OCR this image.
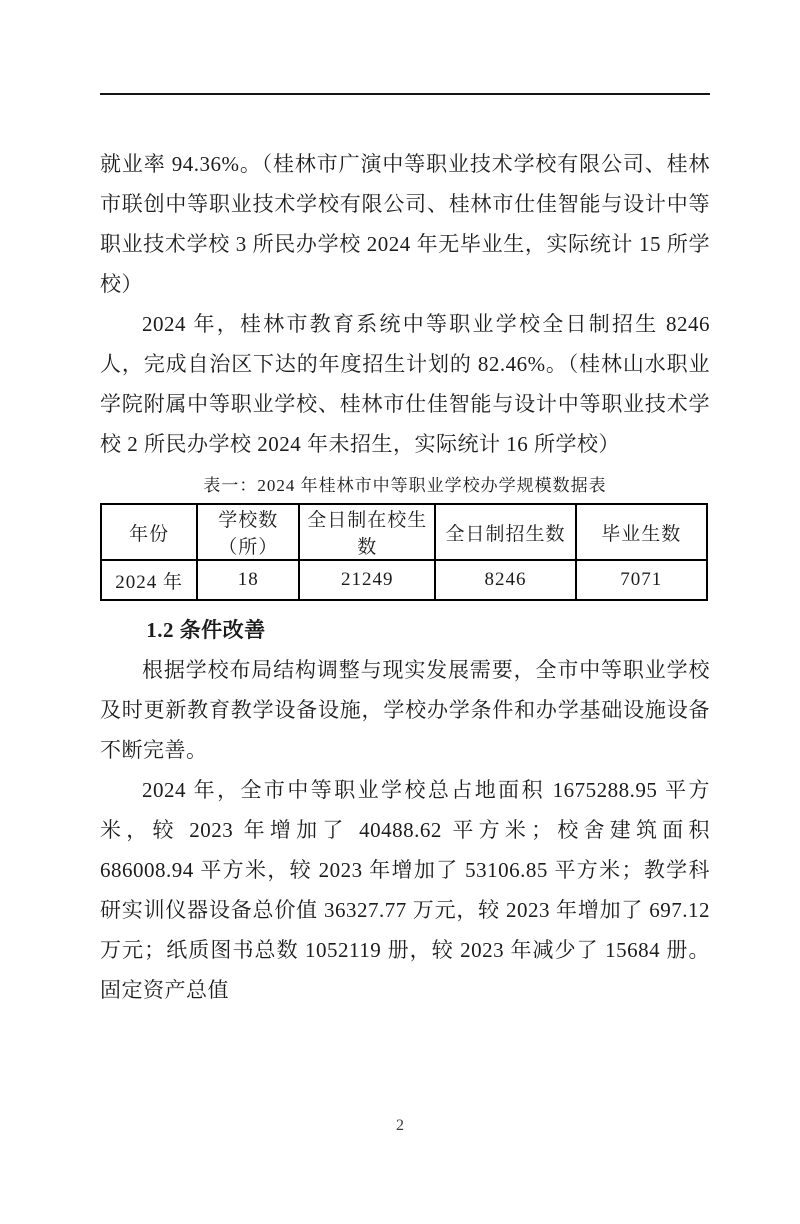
就业率 94.36%。（桂林市广演中等职业技术学校有限公司、桂林市联创中等职业技术学校有限公司、桂林市仕佳智能与设计中等职业技术学校 3 所民办学校 2024 年无毕业生，实际统计 15 所学校）

2024 年，桂林市教育系统中等职业学校全日制招生 8246 人，完成自治区下达的年度招生计划的 82.46%。（桂林山水职业学院附属中等职业学校、桂林市仕佳智能与设计中等职业技术学校 2 所民办学校 2024 年未招生，实际统计 16 所学校）

表一：2024 年桂林市中等职业学校办学规模数据表

年份	学校数（所）	全日制在校生数	全日制招生数	毕业生数
2024 年	18	21249	8246	7071
1.2 条件改善

根据学校布局结构调整与现实发展需要，全市中等职业学校及时更新教育教学设备设施，学校办学条件和办学基础设施设备不断完善。

2024 年，全市中等职业学校总占地面积 1675288.95 平方米，较 2023 年增加了 40488.62 平方米；校舍建筑面积 686008.94 平方米，较 2023 年增加了 53106.85 平方米；教学科研实训仪器设备总价值 36327.77 万元，较 2023 年增加了 697.12 万元；纸质图书总数 1052119 册，较 2023 年减少了 15684 册。固定资产总值

2
